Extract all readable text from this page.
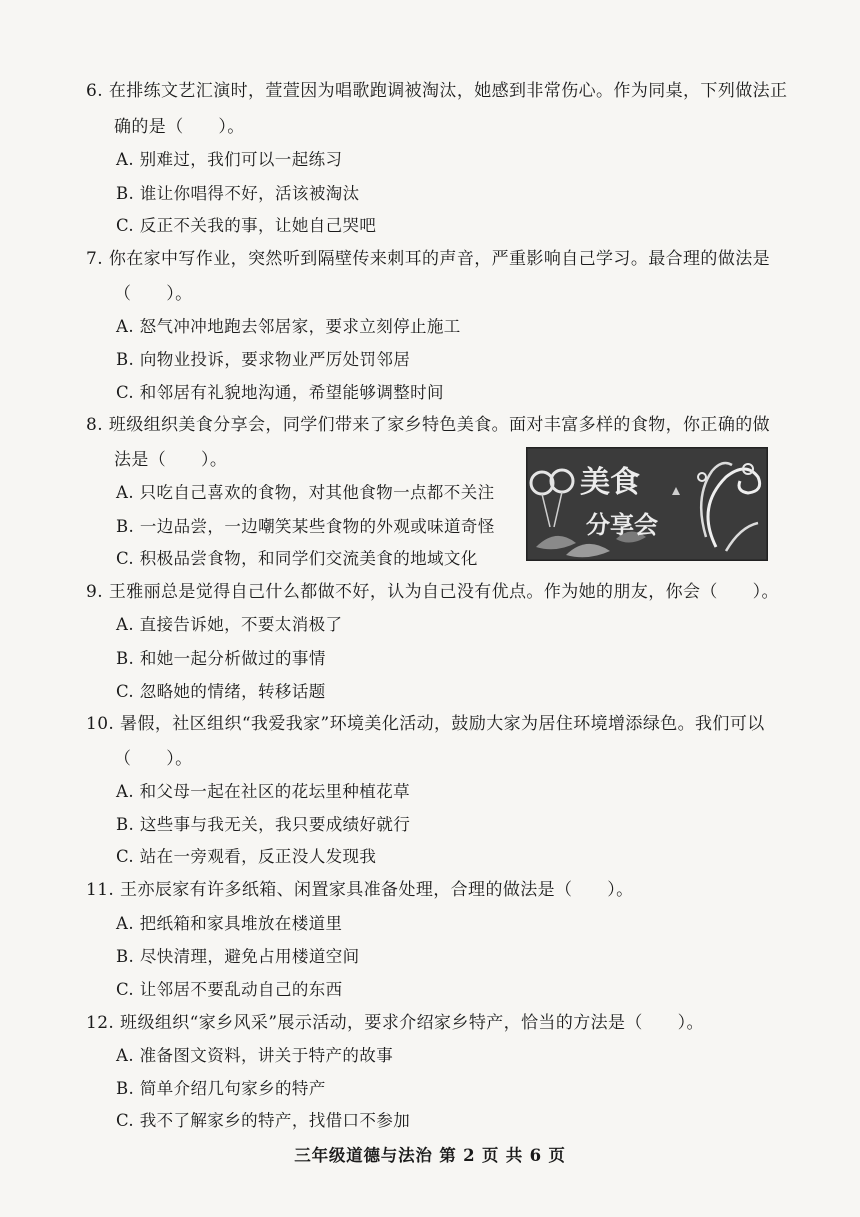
6. 在排练文艺汇演时，萱萱因为唱歌跑调被淘汰，她感到非常伤心。作为同桌，下列做法正
确的是（　　）。
A. 别难过，我们可以一起练习
B. 谁让你唱得不好，活该被淘汰
C. 反正不关我的事，让她自己哭吧
7. 你在家中写作业，突然听到隔壁传来刺耳的声音，严重影响自己学习。最合理的做法是
（　　）。
A. 怒气冲冲地跑去邻居家，要求立刻停止施工
B. 向物业投诉，要求物业严厉处罚邻居
C. 和邻居有礼貌地沟通，希望能够调整时间
8. 班级组织美食分享会，同学们带来了家乡特色美食。面对丰富多样的食物，你正确的做
法是（　　）。
A. 只吃自己喜欢的食物，对其他食物一点都不关注
B. 一边品尝，一边嘲笑某些食物的外观或味道奇怪
C. 积极品尝食物，和同学们交流美食的地域文化
美食
分享会
9. 王雅丽总是觉得自己什么都做不好，认为自己没有优点。作为她的朋友，你会（　　）。
A. 直接告诉她，不要太消极了
B. 和她一起分析做过的事情
C. 忽略她的情绪，转移话题
10. 暑假，社区组织“我爱我家”环境美化活动，鼓励大家为居住环境增添绿色。我们可以
（　　）。
A. 和父母一起在社区的花坛里种植花草
B. 这些事与我无关，我只要成绩好就行
C. 站在一旁观看，反正没人发现我
11. 王亦辰家有许多纸箱、闲置家具准备处理，合理的做法是（　　）。
A. 把纸箱和家具堆放在楼道里
B. 尽快清理，避免占用楼道空间
C. 让邻居不要乱动自己的东西
12. 班级组织“家乡风采”展示活动，要求介绍家乡特产，恰当的方法是（　　）。
A. 准备图文资料，讲关于特产的故事
B. 简单介绍几句家乡的特产
C. 我不了解家乡的特产，找借口不参加
三年级道德与法治 第 2 页 共 6 页
